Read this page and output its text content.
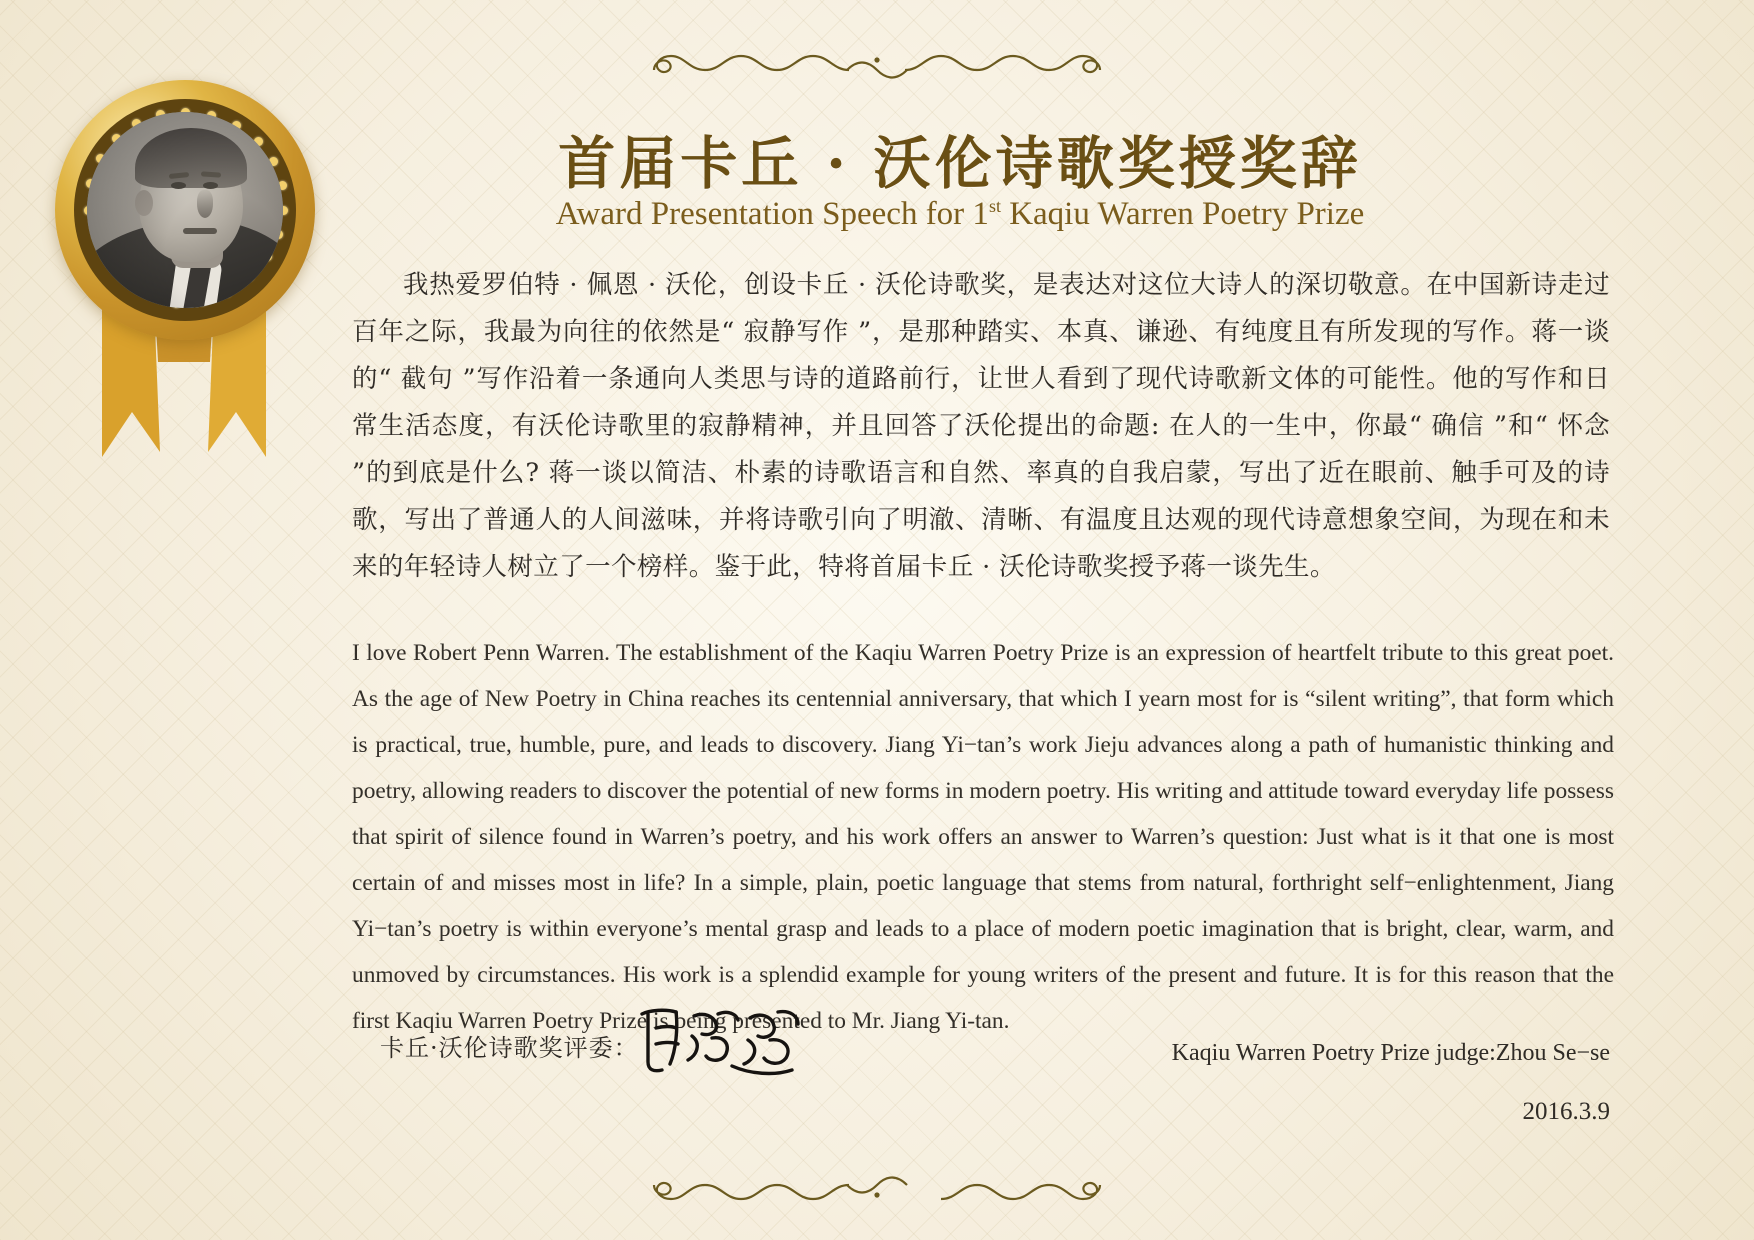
首届卡丘 · 沃伦诗歌奖授奖辞
Award Presentation Speech for 1st Kaqiu Warren Poetry Prize
我热爱罗伯特 · 佩恩 · 沃伦，创设卡丘 · 沃伦诗歌奖，是表达对这位大诗人的深切敬意。在中国新诗走过百年之际，我最为向往的依然是“ 寂静写作 ”，是那种踏实、本真、谦逊、有纯度且有所发现的写作。蒋一谈的“ 截句 ”写作沿着一条通向人类思与诗的道路前行，让世人看到了现代诗歌新文体的可能性。他的写作和日常生活态度，有沃伦诗歌里的寂静精神，并且回答了沃伦提出的命题: 在人的一生中，你最“ 确信 ”和“ 怀念 ”的到底是什么? 蒋一谈以简洁、朴素的诗歌语言和自然、率真的自我启蒙，写出了近在眼前、触手可及的诗歌，写出了普通人的人间滋味，并将诗歌引向了明澈、清晰、有温度且达观的现代诗意想象空间，为现在和未来的年轻诗人树立了一个榜样。鉴于此，特将首届卡丘 · 沃伦诗歌奖授予蒋一谈先生。
I love Robert Penn Warren. The establishment of the Kaqiu Warren Poetry Prize is an expression of heartfelt tribute to this great poet. As the age of New Poetry in China reaches its centennial anniversary, that which I yearn most for is “silent writing”, that form which is practical, true, humble, pure, and leads to discovery. Jiang Yi−tan’s work Jieju advances along a path of humanistic thinking and poetry, allowing readers to discover the potential of new forms in modern poetry. His writing and attitude toward everyday life possess that spirit of silence found in Warren’s poetry, and his work offers an answer to Warren’s question: Just what is it that one is most certain of and misses most in life? In a simple, plain, poetic language that stems from natural, forthright self−enlightenment, Jiang Yi−tan’s poetry is within everyone’s mental grasp and leads to a place of modern poetic imagination that is bright, clear, warm, and unmoved by circumstances. His work is a splendid example for young writers of the present and future. It is for this reason that the first Kaqiu Warren Poetry Prize is being presented to Mr. Jiang Yi-tan.
卡丘·沃伦诗歌奖评委：	Kaqiu Warren Poetry Prize judge:Zhou Se−se
2016.3.9
